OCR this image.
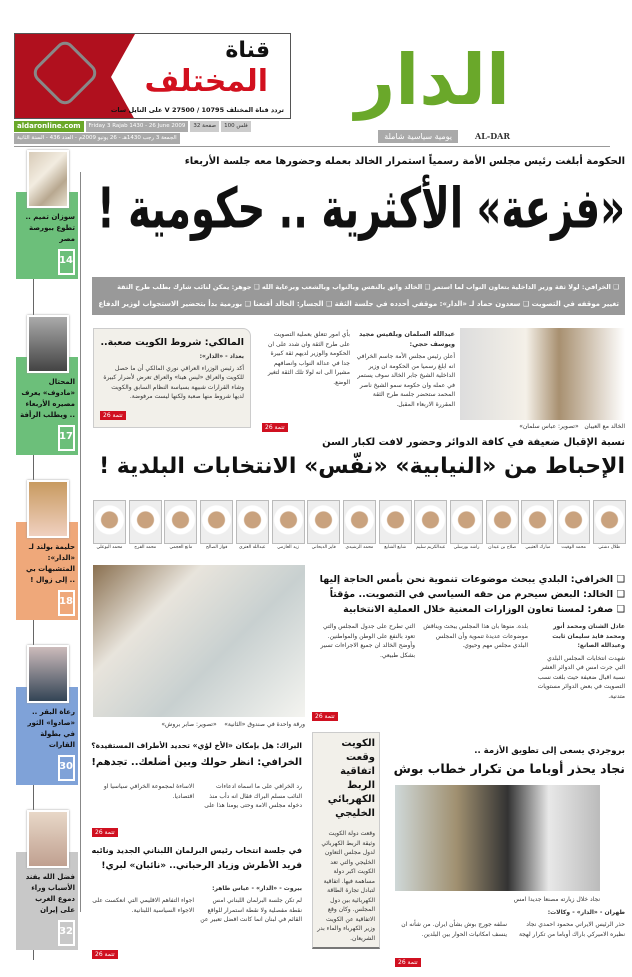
قناة
المختلف
تردد قناة المختلف 10795 / 27500 V على النايل سات الدار
يومية سياسية شاملة	AL-DAR
aldaronline.com	Friday 3 Rajab 1430 - 26 June 2009	32 صفحة	100 فلس
الجمعة 3 رجب 1430هـ - 26 يونيو 2009م - العدد 436 - السنة الثانية
سوزان تميم .. تطوع ببورصة مصر
14
المحتال «مادوف» يعرف مصيره الأربعاء .. ويطلب الرأفة
17
حليمة بولند لـ «الدار»: المتشبهات بي .. إلى زوال !
18
رعاة البقر .. «صادوا» الثور في بطولة القارات
30
فضل الله يفند الأسباب وراء دموع الغرب على إيران
32
الحكومة أبلغت رئيس مجلس الأمة رسمياً استمرار الخالد بعمله وحضورها معه جلسة الأربعاء
«فزعة» الأكثرية .. حكومية !
❑ الخرافي: لولا ثقة وزير الداخلية بتعاون النواب لما استمر ❑ الخالد واثق بالنفس وبالنواب وبالشعب وبرعاية الله ❑ جوهر: يمكن لنائب شارك بطلب طرح الثقة
تغيير موقفه في التصويت ❑ سعدون حماد لـ «الدار»: موقفي أحدده في جلسة الثقة ❑ الجسار: الخالد أقنعنا ❑ بورمية بدأ بتحضير الاستجواب لوزير الدفاع
الخالد مع العيبان   «تصوير: عباس سلمان»
عبدالله السلمان وبلقيس مجيد ويوسف حجي:
أعلن رئيس مجلس الأمة جاسم الخرافي انه ابلغ رسميا من الحكومة ان وزير الداخلية الشيخ جابر الخالد سوف يستمر في عمله وان حكومة سمو الشيخ ناصر المحمد ستحضر جلسة طرح الثقة المقررة الاربعاء المقبل.
بأي امور تتعلق بعملية التصويت على طرح الثقة وان شدد على ان الحكومة والوزير لديهم ثقة كبيرة جدا في عدالة النواب وانصافهم مشيرا الى انه لولا تلك الثقة لتغير الوضع.
تتمة 26
المالكي: شروط الكويت صعبة..
بغداد - «الدار»:
أكد رئيس الوزراء العراقي نوري المالكي أن ما حصل للكويت والعراق «ليس هينا» والعراق تعرض لأضرار كبيرة وشاء القرارات شبيهة بسياسة النظام السابق والكويت لديها شروط منها صعبة ولكنها ليست مرفوضة.
تتمة 26
نسبة الإقبال ضعيفة في كافة الدوائر وحضور لافت لكبار السن
الإحباط من «النيابية» «نفّس» الانتخابات البلدية !
طلال دشتي
محمد الوقيت
مبارك العتيبي
صلاح بن عيدان
راشد بورسلي
عبدالكريم سليم
شايع الشايع
محمد الرشيدي
فايز الديحاني
زيد العازمي
عبدالله العنزي
فواز الصالح
مانع العجمي
محمد الفرج
محمد البوعلي
❑ الخرافي: البلدي يبحث موضوعات تنموية نحن بأمس الحاجة إليها
❑ الخالد: البعض سيحرم من حقه السياسي في التصويت.. مؤقتاً
❑ صفر: لمسنا تعاون الوزارات المعنية خلال العملية الانتخابية
ورقة واحدة في صندوق «الثانية»    «تصوير: صابر بروش»
عادل الشنان ومحمد أنور ومحمد فايد سليمان ثابت وعبدالله الصانع:
شهدت انتخابات المجلس البلدي التي جرت امس في الدوائر العشر نسبة اقبال ضعيفة حيث بلغت نسب التصويت في بعض الدوائر مستويات متدنية.
بلده. منوها بان هذا المجلس يبحث ويناقش موضوعات عديدة تنموية وأن المجلس البلدي مجلس مهم وحيوي.
التي تطرح على جدول المجلس والتي تعود بالنفع على الوطن والمواطنين. وأوضح الخالد ان جميع الاجراءات تسير بشكل طبيعي.
تتمة 26
البراك: هل بإمكان «الأخ لؤي» تحديد الأطراف المستفيدة؟
الخرافي: انظر حولك وبين أضلعك.. تجدهم!
رد الخرافي على ما اسماه ادعاءات النائب مسلم البراك فقال انه دأب منذ دخوله مجلس الامة وحتى يومنا هذا على الاساءة لمجموعة الخرافي سياسيا او اقتصاديا.
تتمة 26
في جلسة انتخاب رئيس البرلمان اللبناني الجديد ونائبه
فريد الأطرش وزياد الرحباني.. «نائبان» لبري!
بيروت - «الدار» - عباس طاهر:
لم تكن جلسة البرلمان اللبناني امس نقطة مفصلية ولا نقطة استمرار للواقع القائم في لبنان انما كانت افضل تعبير عن اجواء التفاهم الاقليمي التي انعكست على الاجواء السياسية اللبنانية.
تتمة 26
الكويت وقعت اتفاقية الربط الكهربائي الخليجي
وقعت دولة الكويت وثيقة الربط الكهربائي لدول مجلس التعاون الخليجي والتي تعد الكويت اكبر دولة مساهمة فيها. اتفاقية لتبادل تجارة الطاقة الكهربائية بين دول المجلس. وكان وقع الاتفاقية عن الكويت وزير الكهرباء والماء بدر الشريعان.
بروجردي يسعى إلى تطويق الأزمة ..
نجاد يحذر أوباما من تكرار خطاب بوش
نجاد خلال زيارته مصنعا جديدا امس
طهران - «الدار» - وكالات:
حذر الرئيس الايراني محمود احمدي نجاد نظيره الاميركي باراك أوباما من تكرار لهجة سلفه جورج بوش بشأن ايران. من شأنه ان ينسف امكانيات الحوار بين البلدين.
تتمة 26
